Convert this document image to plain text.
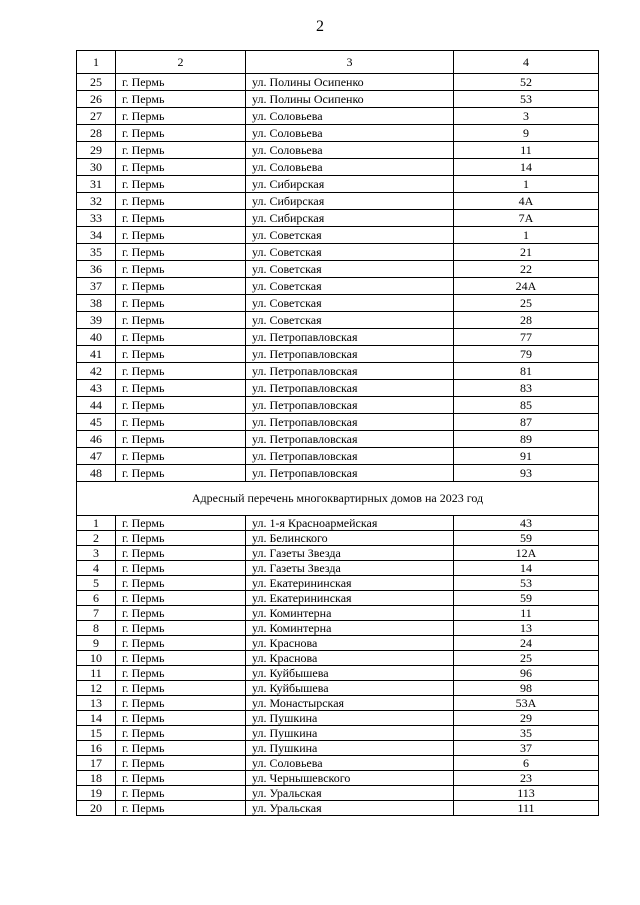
2
1	2	3	4
25	г. Пермь	ул. Полины Осипенко	52
26	г. Пермь	ул. Полины Осипенко	53
27	г. Пермь	ул. Соловьева	3
28	г. Пермь	ул. Соловьева	9
29	г. Пермь	ул. Соловьева	11
30	г. Пермь	ул. Соловьева	14
31	г. Пермь	ул. Сибирская	1
32	г. Пермь	ул. Сибирская	4А
33	г. Пермь	ул. Сибирская	7А
34	г. Пермь	ул. Советская	1
35	г. Пермь	ул. Советская	21
36	г. Пермь	ул. Советская	22
37	г. Пермь	ул. Советская	24А
38	г. Пермь	ул. Советская	25
39	г. Пермь	ул. Советская	28
40	г. Пермь	ул. Петропавловская	77
41	г. Пермь	ул. Петропавловская	79
42	г. Пермь	ул. Петропавловская	81
43	г. Пермь	ул. Петропавловская	83
44	г. Пермь	ул. Петропавловская	85
45	г. Пермь	ул. Петропавловская	87
46	г. Пермь	ул. Петропавловская	89
47	г. Пермь	ул. Петропавловская	91
48	г. Пермь	ул. Петропавловская	93
Адресный перечень многоквартирных домов на 2023 год			
1	г. Пермь	ул. 1-я Красноармейская	43
2	г. Пермь	ул. Белинского	59
3	г. Пермь	ул. Газеты Звезда	12А
4	г. Пермь	ул. Газеты Звезда	14
5	г. Пермь	ул. Екатерининская	53
6	г. Пермь	ул. Екатерининская	59
7	г. Пермь	ул. Коминтерна	11
8	г. Пермь	ул. Коминтерна	13
9	г. Пермь	ул. Краснова	24
10	г. Пермь	ул. Краснова	25
11	г. Пермь	ул. Куйбышева	96
12	г. Пермь	ул. Куйбышева	98
13	г. Пермь	ул. Монастырская	53А
14	г. Пермь	ул. Пушкина	29
15	г. Пермь	ул. Пушкина	35
16	г. Пермь	ул. Пушкина	37
17	г. Пермь	ул. Соловьева	6
18	г. Пермь	ул. Чернышевского	23
19	г. Пермь	ул. Уральская	113
20	г. Пермь	ул. Уральская	111
